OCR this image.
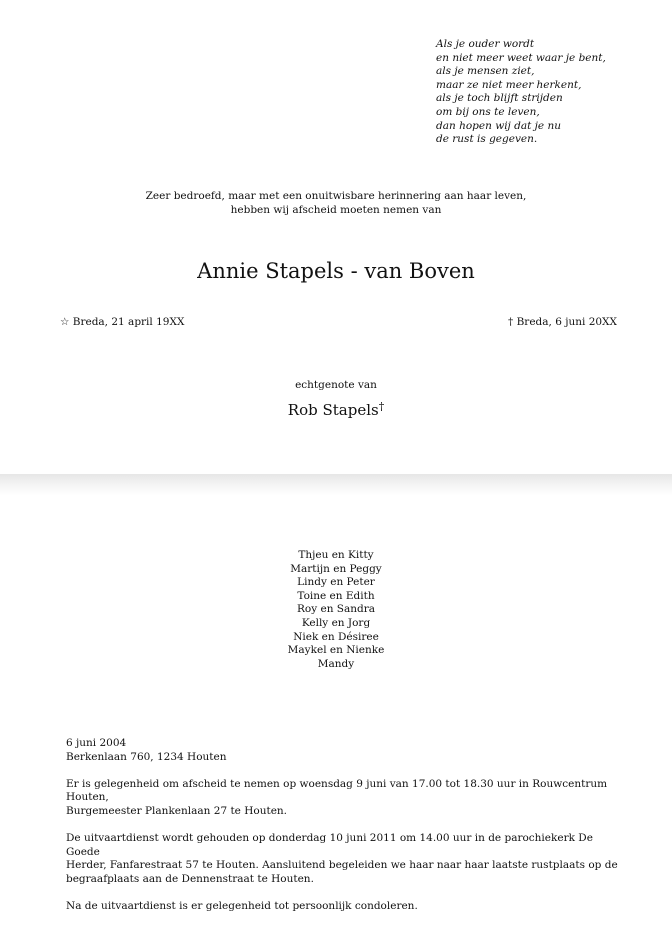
Als je ouder wordt
en niet meer weet waar je bent,
als je mensen ziet,
maar ze niet meer herkent,
als je toch blijft strijden
om bij ons te leven,
dan hopen wij dat je nu
de rust is gegeven.
Zeer bedroefd, maar met een onuitwisbare herinnering aan haar leven,
hebben wij afscheid moeten nemen van
Annie Stapels - van Boven
☆ Breda, 21 april 19XX	† Breda, 6 juni 20XX
echtgenote van
Rob Stapels†
Thjeu en Kitty
Martijn en Peggy
Lindy en Peter
Toine en Edith
Roy en Sandra
Kelly en Jorg
Niek en Désiree
Maykel en Nienke
Mandy

6 juni 2004
Berkenlaan 760, 1234 Houten

Er is gelegenheid om afscheid te nemen op woensdag 9 juni van 17.00 tot 18.30 uur in Rouwcentrum Houten,
Burgemeester Plankenlaan 27 te Houten.

De uitvaartdienst wordt gehouden op donderdag 10 juni 2011 om 14.00 uur in de parochiekerk De Goede
Herder, Fanfarestraat 57 te Houten. Aansluitend begeleiden we haar naar haar laatste rustplaats op de
begraafplaats aan de Dennenstraat te Houten.

Na de uitvaartdienst is er gelegenheid tot persoonlijk condoleren.
